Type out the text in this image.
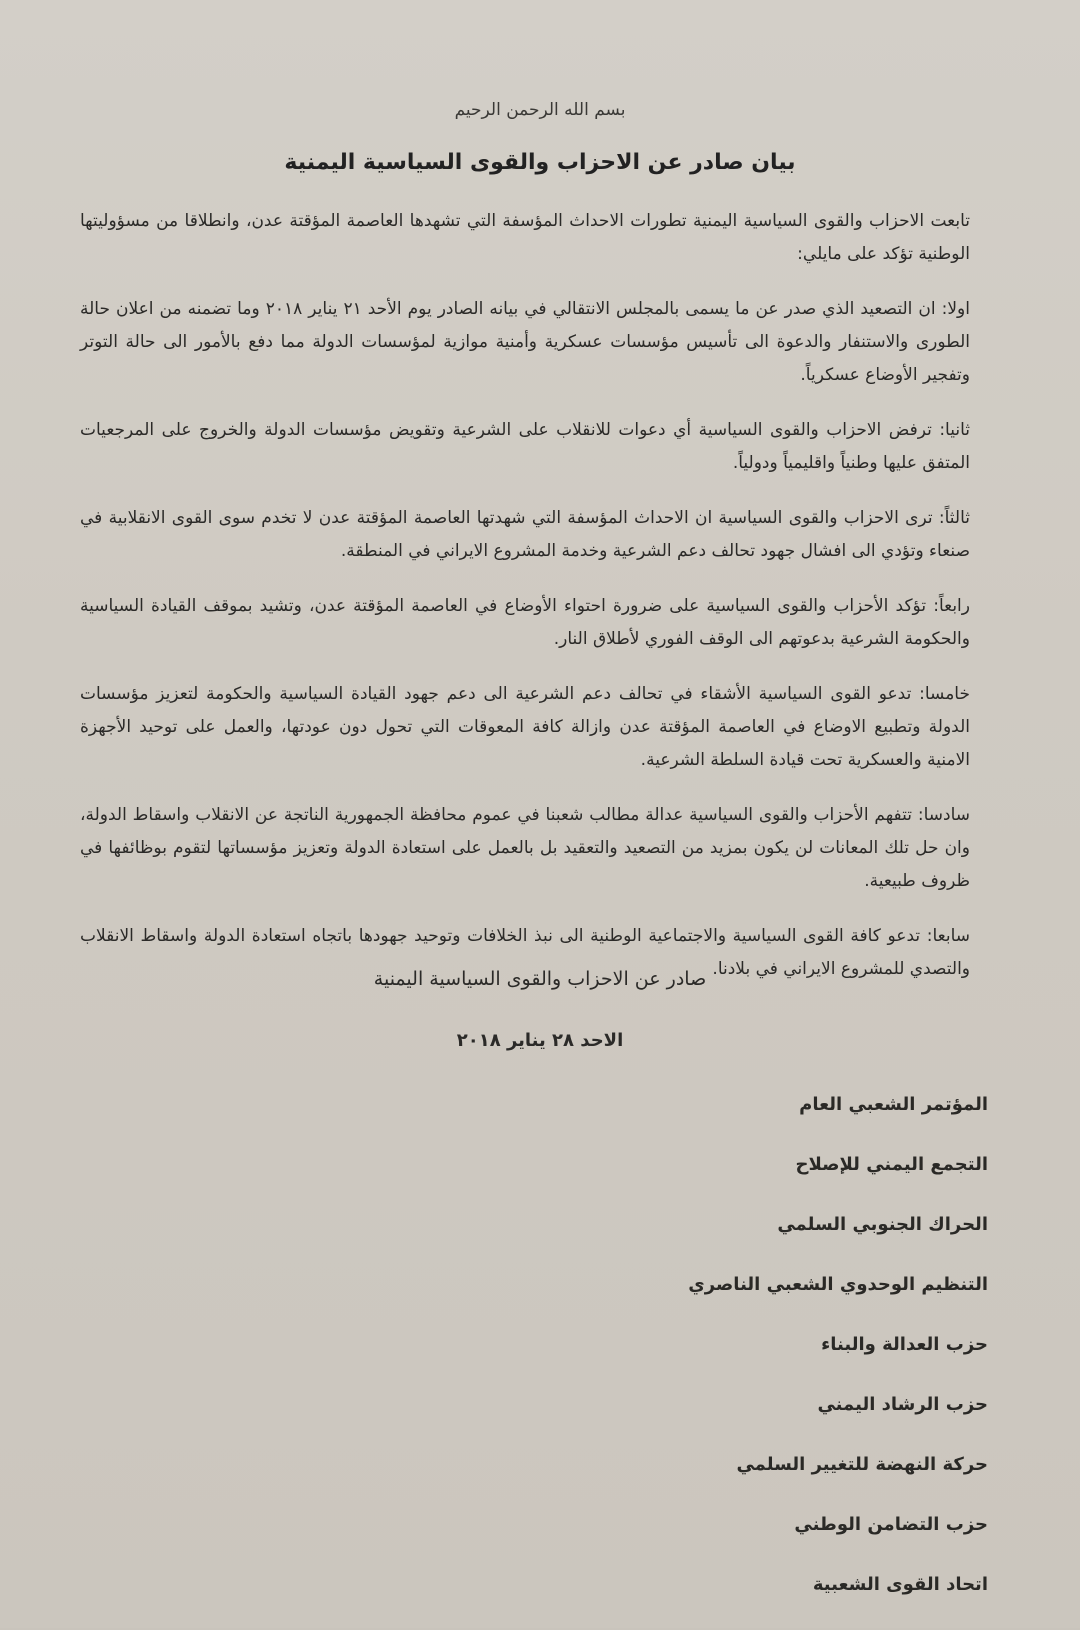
بسم الله الرحمن الرحيم
بيان صادر عن الاحزاب والقوى السياسية اليمنية

تابعت الاحزاب والقوى السياسية اليمنية تطورات الاحداث المؤسفة التي تشهدها العاصمة المؤقتة عدن، وانطلاقا من مسؤوليتها الوطنية تؤكد على مايلي:

اولا: ان التصعيد الذي صدر عن ما يسمى بالمجلس الانتقالي في بيانه الصادر يوم الأحد ٢١ يناير ٢٠١٨ وما تضمنه من اعلان حالة الطورى والاستنفار والدعوة الى تأسيس مؤسسات عسكرية وأمنية موازية لمؤسسات الدولة مما دفع بالأمور الى حالة التوتر وتفجير الأوضاع عسكرياً.

ثانيا: ترفض الاحزاب والقوى السياسية أي دعوات للانقلاب على الشرعية وتقويض مؤسسات الدولة والخروج على المرجعيات المتفق عليها وطنياً واقليمياً ودولياً.

ثالثاً: ترى الاحزاب والقوى السياسية ان الاحداث المؤسفة التي شهدتها العاصمة المؤقتة عدن لا تخدم سوى القوى الانقلابية في صنعاء وتؤدي الى افشال جهود تحالف دعم الشرعية وخدمة المشروع الايراني في المنطقة.

رابعاً: تؤكد الأحزاب والقوى السياسية على ضرورة احتواء الأوضاع في العاصمة المؤقتة عدن، وتشيد بموقف القيادة السياسية والحكومة الشرعية بدعوتهم الى الوقف الفوري لأطلاق النار.

خامسا: تدعو القوى السياسية الأشقاء في تحالف دعم الشرعية الى دعم جهود القيادة السياسية والحكومة لتعزيز مؤسسات الدولة وتطبيع الاوضاع في العاصمة المؤقتة عدن وازالة كافة المعوقات التي تحول دون عودتها، والعمل على توحيد الأجهزة الامنية والعسكرية تحت قيادة السلطة الشرعية.

سادسا: تتفهم الأحزاب والقوى السياسية عدالة مطالب شعبنا في عموم محافظة الجمهورية الناتجة عن الانقلاب واسقاط الدولة، وان حل تلك المعانات لن يكون بمزيد من التصعيد والتعقيد بل بالعمل على استعادة الدولة وتعزيز مؤسساتها لتقوم بوظائفها في ظروف طبيعية.

سابعا: تدعو كافة القوى السياسية والاجتماعية الوطنية الى نبذ الخلافات وتوحيد جهودها باتجاه استعادة الدولة واسقاط الانقلاب والتصدي للمشروع الايراني في بلادنا.

صادر عن الاحزاب والقوى السياسية اليمنية
الاحد ٢٨ يناير ٢٠١٨
المؤتمر الشعبي العام
التجمع اليمني للإصلاح
الحراك الجنوبي السلمي
التنظيم الوحدوي الشعبي الناصري
حزب العدالة والبناء
حزب الرشاد اليمني
حركة النهضة للتغيير السلمي
حزب التضامن الوطني
اتحاد القوى الشعبية
